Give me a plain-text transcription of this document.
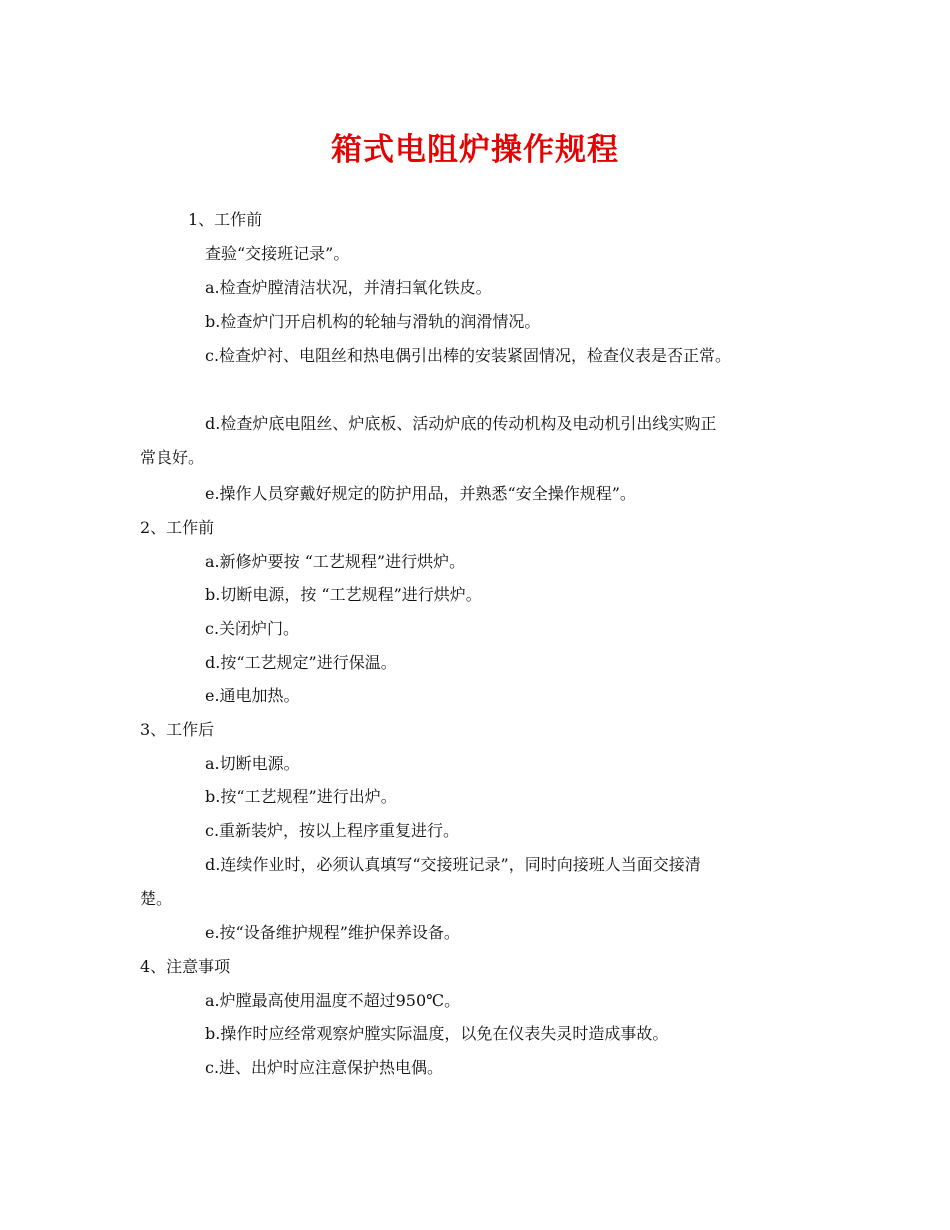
箱式电阻炉操作规程

1、工作前

查验“交接班记录”。

a.检查炉膛清洁状况，并清扫氧化铁皮。

b.检查炉门开启机构的轮轴与滑轨的润滑情况。

c.检查炉衬、电阻丝和热电偶引出棒的安装紧固情况，检查仪表是否正常。

d.检查炉底电阻丝、炉底板、活动炉底的传动机构及电动机引出线实购正

常良好。

e.操作人员穿戴好规定的防护用品，并熟悉“安全操作规程”。

2、工作前

a.新修炉要按 “工艺规程”进行烘炉。

b.切断电源，按 “工艺规程”进行烘炉。

c.关闭炉门。

d.按“工艺规定”进行保温。

e.通电加热。

3、工作后

a.切断电源。

b.按“工艺规程”进行出炉。

c.重新装炉，按以上程序重复进行。

d.连续作业时，必须认真填写“交接班记录”，同时向接班人当面交接清

楚。

e.按“设备维护规程”维护保养设备。

4、注意事项

a.炉膛最高使用温度不超过950℃。

b.操作时应经常观察炉膛实际温度，以免在仪表失灵时造成事故。

c.进、出炉时应注意保护热电偶。
